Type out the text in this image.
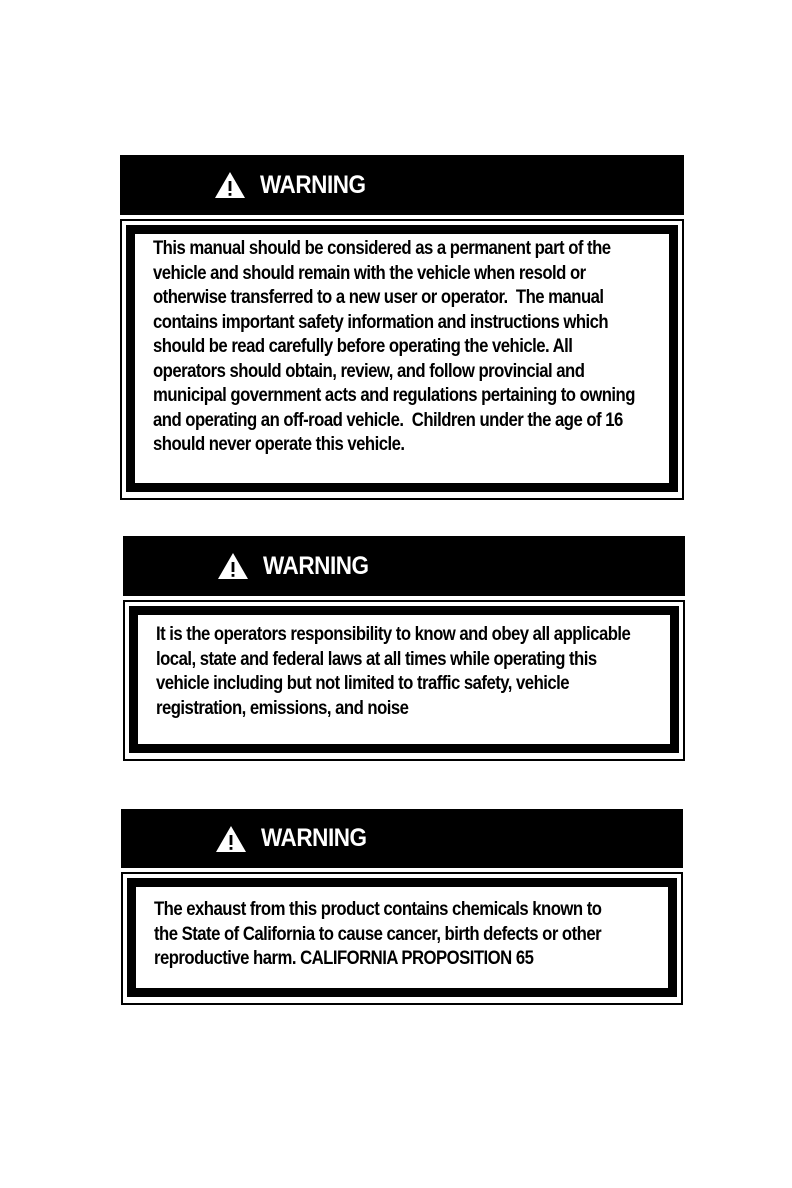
WARNING

This manual should be considered as a permanent part of the
vehicle and should remain with the vehicle when resold or
otherwise transferred to a new user or operator.  The manual
contains important safety information and instructions which
should be read carefully before operating the vehicle. All
operators should obtain, review, and follow provincial and
municipal government acts and regulations pertaining to owning
and operating an off-road vehicle.  Children under the age of 16
should never operate this vehicle.

WARNING

It is the operators responsibility to know and obey all applicable
local, state and federal laws at all times while operating this
vehicle including but not limited to traffic safety, vehicle
registration, emissions, and noise

WARNING

The exhaust from this product contains chemicals known to
the State of California to cause cancer, birth defects or other
reproductive harm. CALIFORNIA PROPOSITION 65
